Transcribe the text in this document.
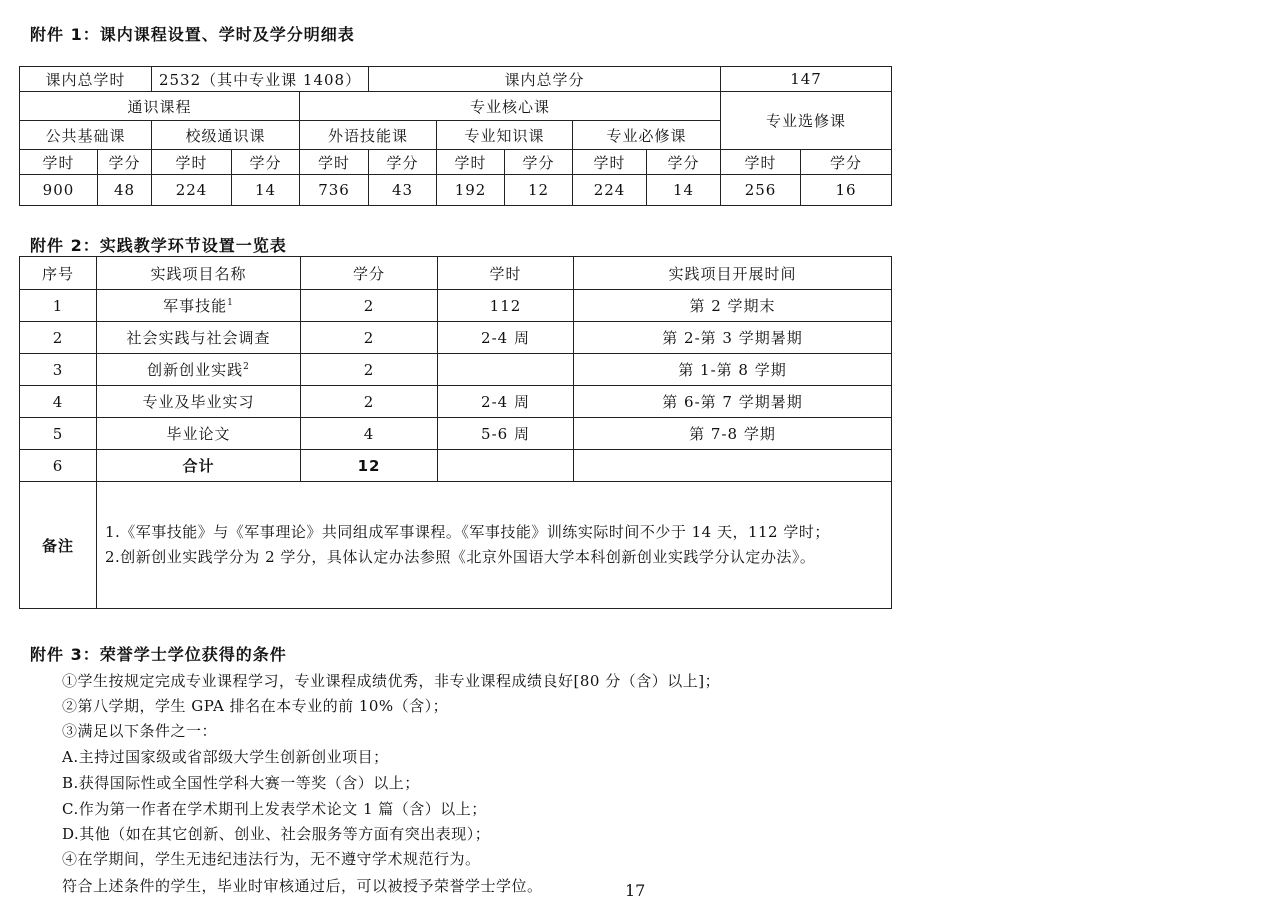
附件 1：课内课程设置、学时及学分明细表
课内总学时		2532（其中专业课 1408）			课内总学分					147	
通识课程				专业核心课						专业选修课	
公共基础课		校级通识课		外语技能课		专业知识课		专业必修课			
学时	学分	学时	学分	学时	学分	学时	学分	学时	学分	学时	学分
900	48	224	14	736	43	192	12	224	14	256	16
附件 2：实践教学环节设置一览表
序号	实践项目名称	学分	学时	实践项目开展时间
1	军事技能$^1$	2	112	第 2 学期末
2	社会实践与社会调查	2	2-4 周	第 2-第 3 学期暑期
3	创新创业实践$^2$	2		第 1-第 8 学期
4	专业及毕业实习	2	2-4 周	第 6-第 7 学期暑期
5	毕业论文	4	5-6 周	第 7-8 学期
6	合计	12		
备注	1.《军事技能》与《军事理论》共同组成军事课程。《军事技能》训练实际时间不少于 14 天，112 学时；
2.创新创业实践学分为 2 学分，具体认定办法参照《北京外国语大学本科创新创业实践学分认定办法》。			
附件 3：荣誉学士学位获得的条件
①学生按规定完成专业课程学习，专业课程成绩优秀，非专业课程成绩良好[80 分（含）以上]；
②第八学期，学生 GPA 排名在本专业的前 10%（含）；
③满足以下条件之一：
A.主持过国家级或省部级大学生创新创业项目；
B.获得国际性或全国性学科大赛一等奖（含）以上；
C.作为第一作者在学术期刊上发表学术论文 1 篇（含）以上；
D.其他（如在其它创新、创业、社会服务等方面有突出表现）；
④在学期间，学生无违纪违法行为，无不遵守学术规范行为。
符合上述条件的学生，毕业时审核通过后，可以被授予荣誉学士学位。	17
